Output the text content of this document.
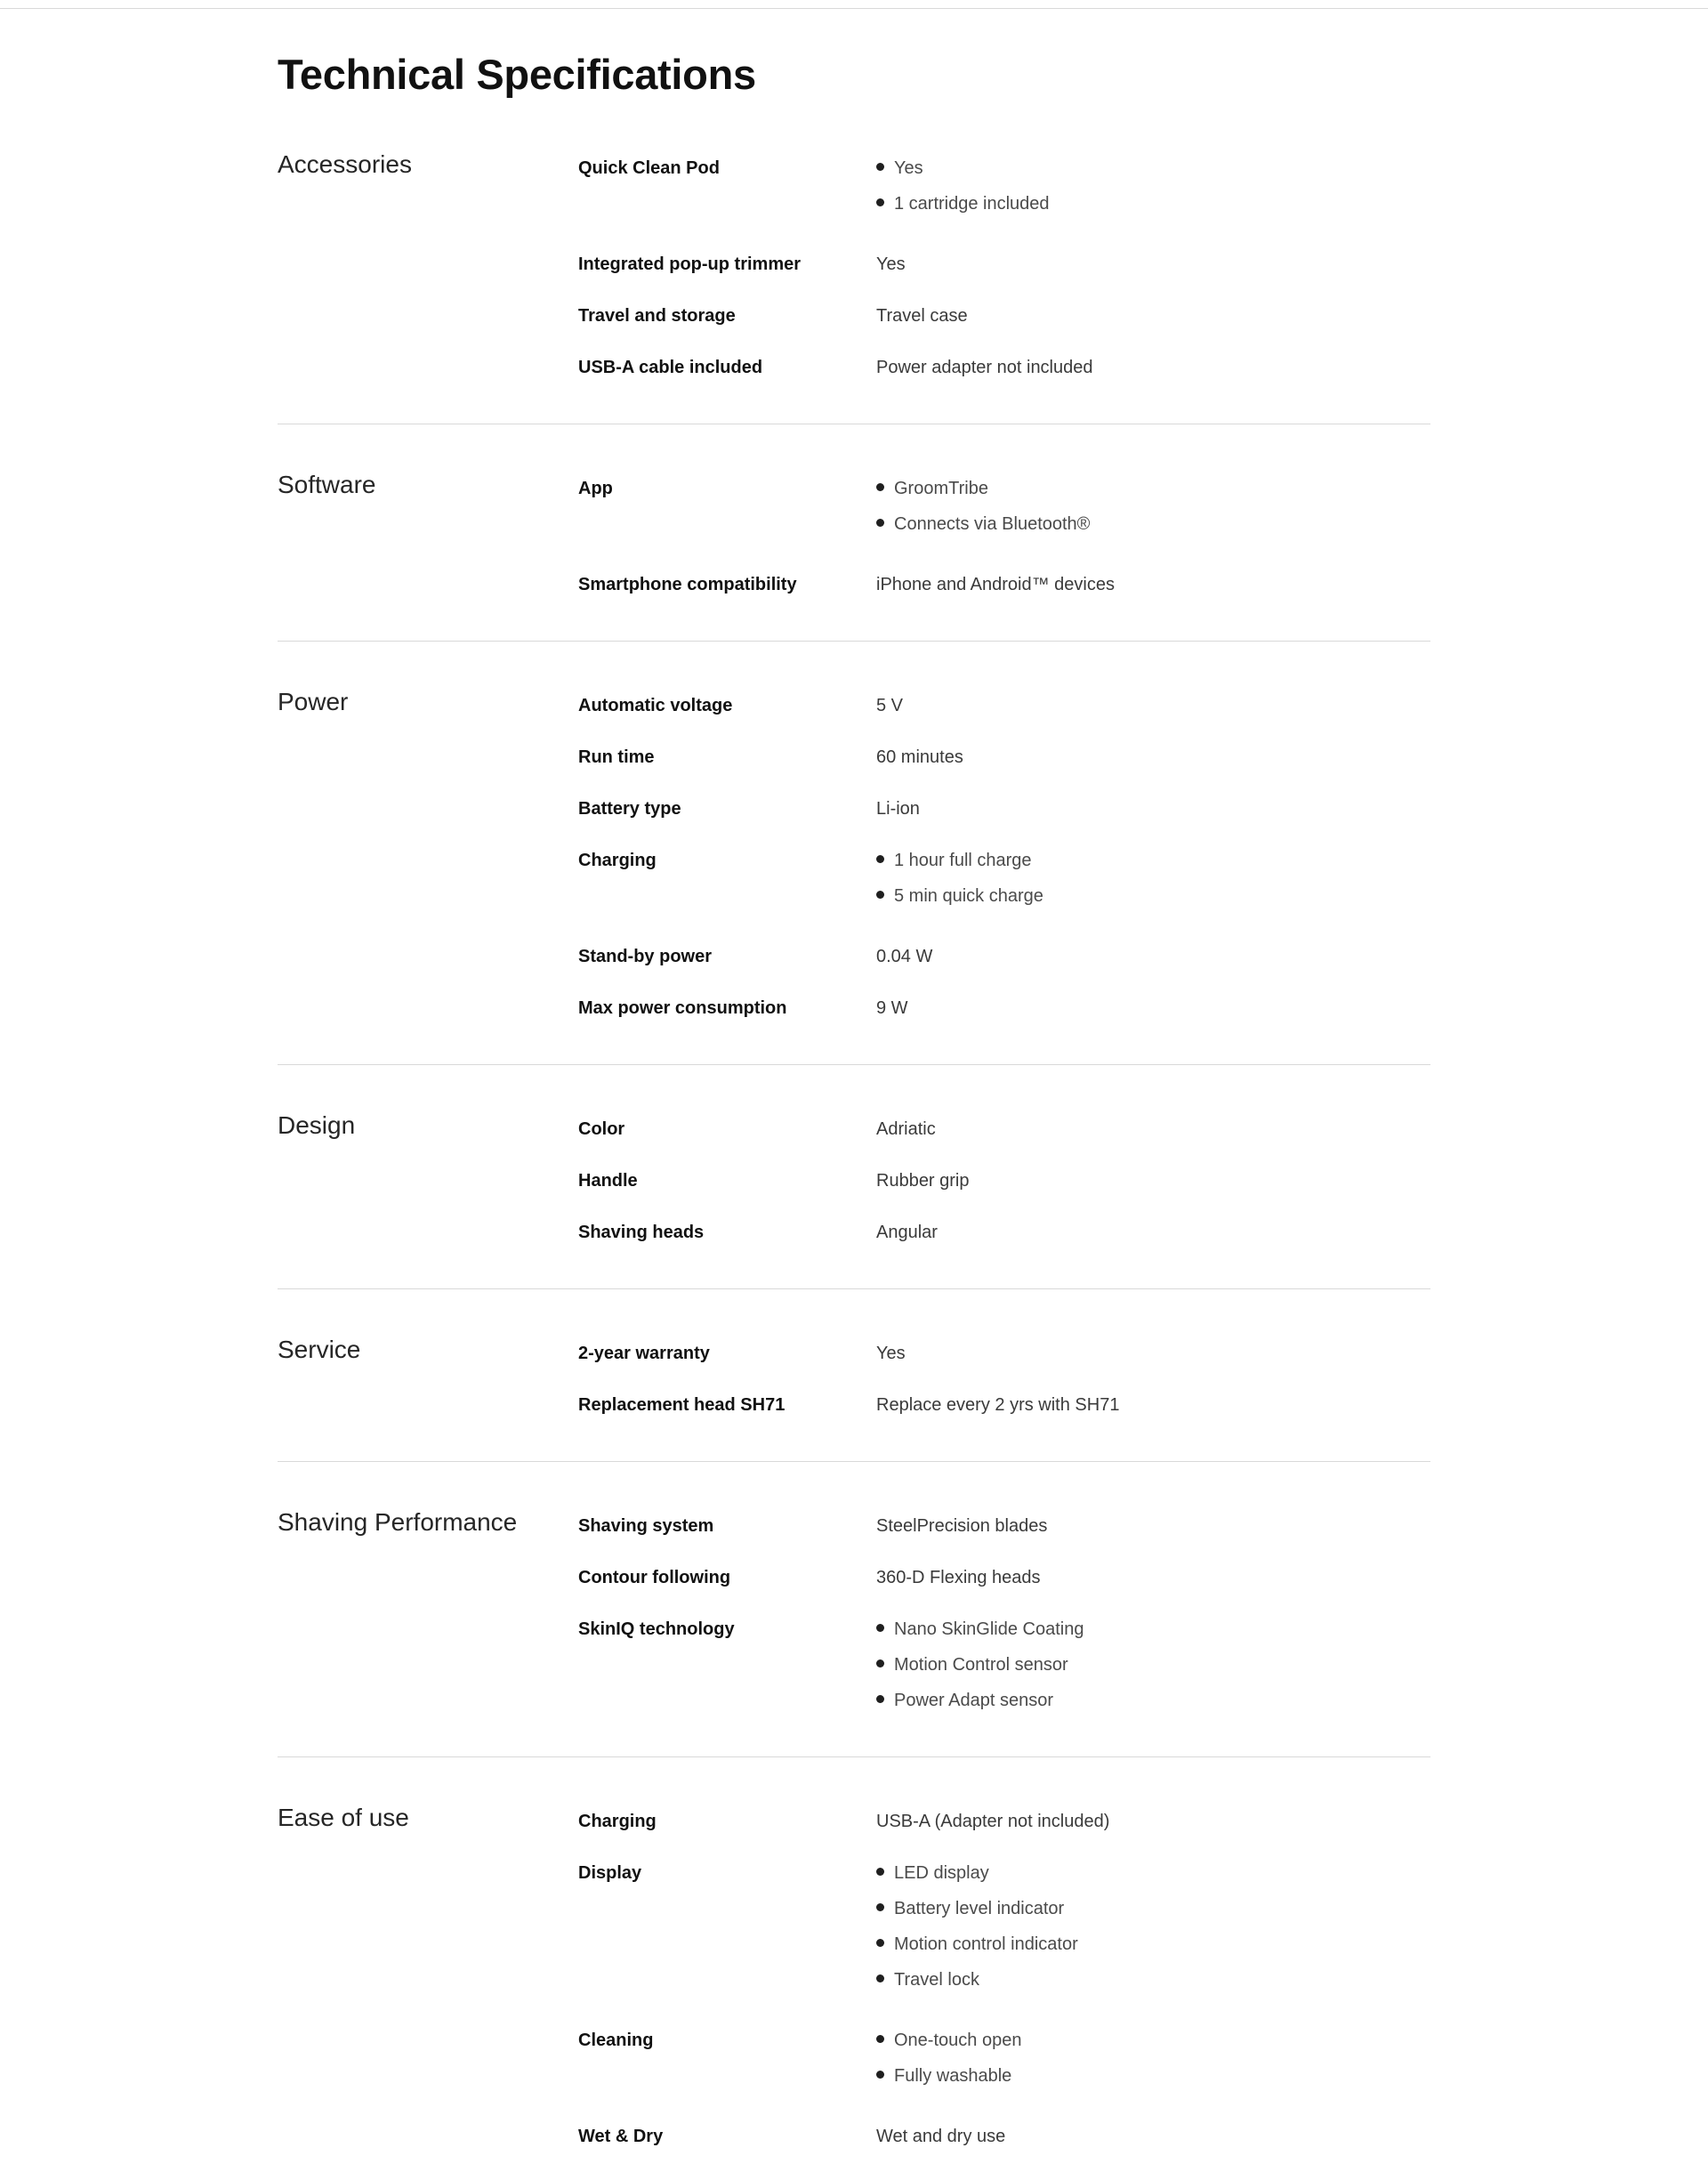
Technical Specifications
Accessories	Quick Clean Pod	Yes
1 cartridge included
Integrated pop-up trimmer	Yes
Travel and storage	Travel case
USB-A cable included	Power adapter not included
Software	App	GroomTribe
Connects via Bluetooth®
Smartphone compatibility	iPhone and Android™ devices
Power	Automatic voltage	5 V
Run time	60 minutes
Battery type	Li-ion
Charging	1 hour full charge
5 min quick charge
Stand-by power	0.04 W
Max power consumption	9 W
Design	Color	Adriatic
Handle	Rubber grip
Shaving heads	Angular
Service	2-year warranty	Yes
Replacement head SH71	Replace every 2 yrs with SH71
Shaving Performance	Shaving system	SteelPrecision blades
Contour following	360-D Flexing heads
SkinIQ technology	Nano SkinGlide Coating
Motion Control sensor
Power Adapt sensor
Ease of use	Charging	USB-A (Adapter not included)
Display	LED display
Battery level indicator
Motion control indicator
Travel lock
Cleaning	One-touch open
Fully washable
Wet & Dry	Wet and dry use
